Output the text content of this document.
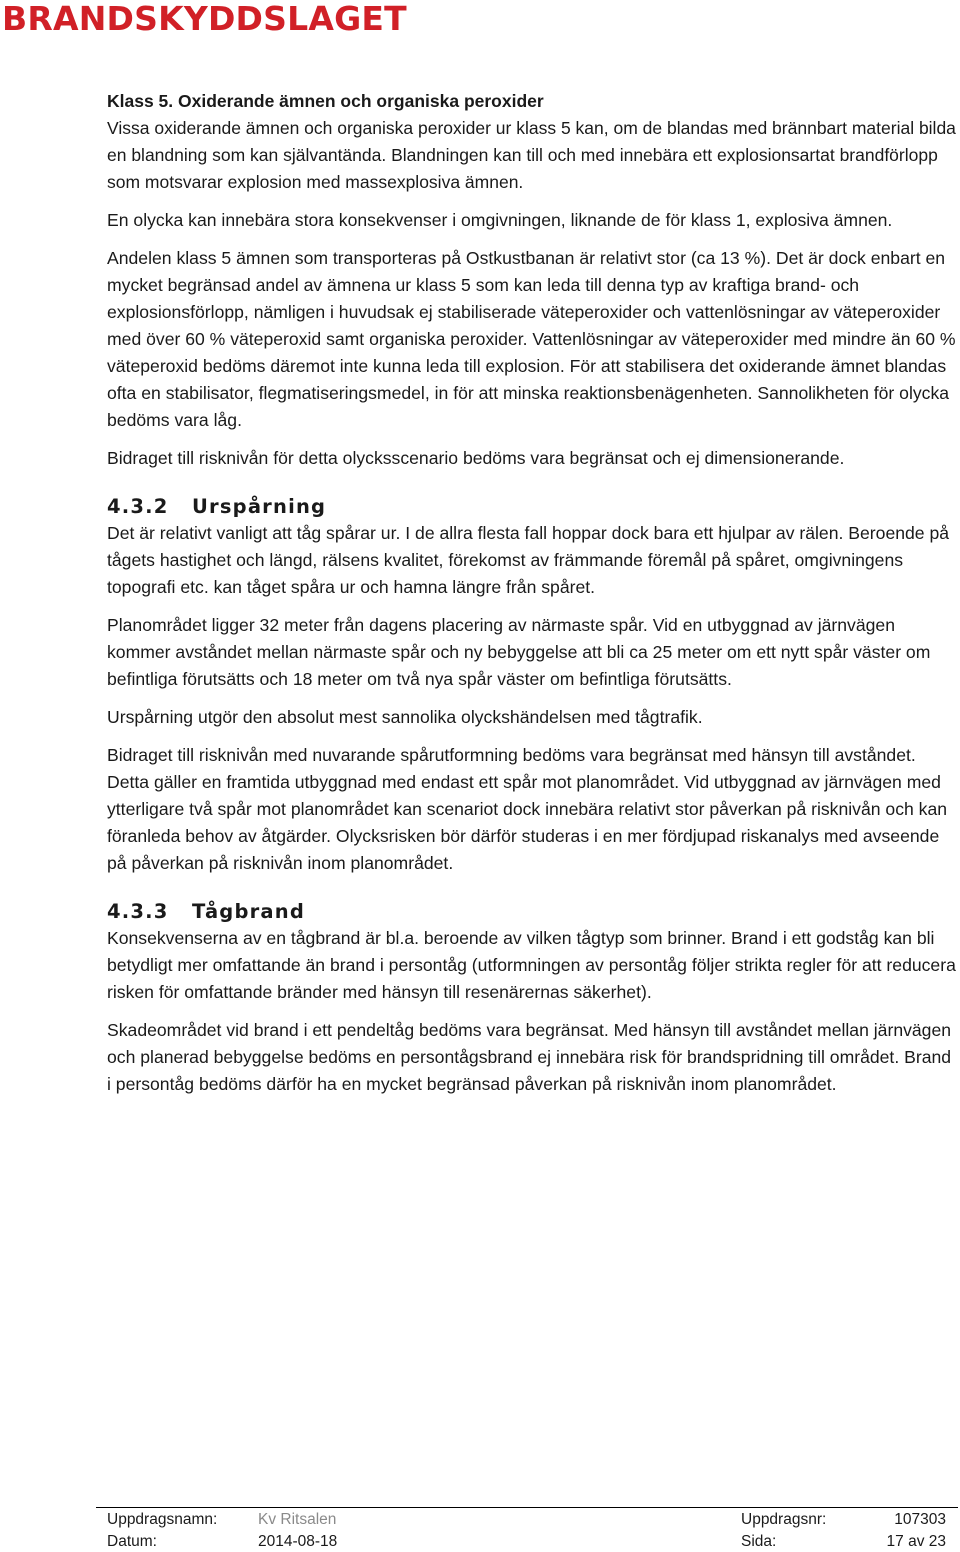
BRANDSKYDDSLAGET
Klass 5. Oxiderande ämnen och organiska peroxider

Vissa oxiderande ämnen och organiska peroxider ur klass 5 kan, om de blandas med brännbart material bilda en blandning som kan självantända. Blandningen kan till och med innebära ett explosionsartat brandförlopp som motsvarar explosion med massexplosiva ämnen.

En olycka kan innebära stora konsekvenser i omgivningen, liknande de för klass 1, explosiva ämnen.

Andelen klass 5 ämnen som transporteras på Ostkustbanan är relativt stor (ca 13 %). Det är dock enbart en mycket begränsad andel av ämnena ur klass 5 som kan leda till denna typ av kraftiga brand- och explosionsförlopp, nämligen i huvudsak ej stabiliserade väteperoxider och vattenlösningar av väteperoxider med över 60 % väteperoxid samt organiska peroxider. Vattenlösningar av väteperoxider med mindre än 60 % väteperoxid bedöms däremot inte kunna leda till explosion. För att stabilisera det oxiderande ämnet blandas ofta en stabilisator, flegmatiseringsmedel, in för att minska reaktionsbenägenheten. Sannolikheten för olycka bedöms vara låg.

Bidraget till risknivån för detta olycksscenario bedöms vara begränsat och ej dimensionerande.

4.3.2 Urspårning

Det är relativt vanligt att tåg spårar ur. I de allra flesta fall hoppar dock bara ett hjulpar av rälen. Beroende på tågets hastighet och längd, rälsens kvalitet, förekomst av främmande föremål på spåret, omgivningens topografi etc. kan tåget spåra ur och hamna längre från spåret.

Planområdet ligger 32 meter från dagens placering av närmaste spår. Vid en utbyggnad av järnvägen kommer avståndet mellan närmaste spår och ny bebyggelse att bli ca 25 meter om ett nytt spår väster om befintliga förutsätts och 18 meter om två nya spår väster om befintliga förutsätts.

Urspårning utgör den absolut mest sannolika olyckshändelsen med tågtrafik.

Bidraget till risknivån med nuvarande spårutformning bedöms vara begränsat med hänsyn till avståndet. Detta gäller en framtida utbyggnad med endast ett spår mot planområdet. Vid utbyggnad av järnvägen med ytterligare två spår mot planområdet kan scenariot dock innebära relativt stor påverkan på risknivån och kan föranleda behov av åtgärder. Olycksrisken bör därför studeras i en mer fördjupad riskanalys med avseende på påverkan på risknivån inom planområdet.

4.3.3 Tågbrand

Konsekvenserna av en tågbrand är bl.a. beroende av vilken tågtyp som brinner. Brand i ett godståg kan bli betydligt mer omfattande än brand i persontåg (utformningen av persontåg följer strikta regler för att reducera risken för omfattande bränder med hänsyn till resenärernas säkerhet).

Skadeområdet vid brand i ett pendeltåg bedöms vara begränsat. Med hänsyn till avståndet mellan järnvägen och planerad bebyggelse bedöms en persontågsbrand ej innebära risk för brandspridning till området. Brand i persontåg bedöms därför ha en mycket begränsad påverkan på risknivån inom planområdet.

Uppdragsnamn:	Kv Ritsalen	Uppdragsnr:	107303
Datum:	2014-08-18	Sida:	17 av 23
